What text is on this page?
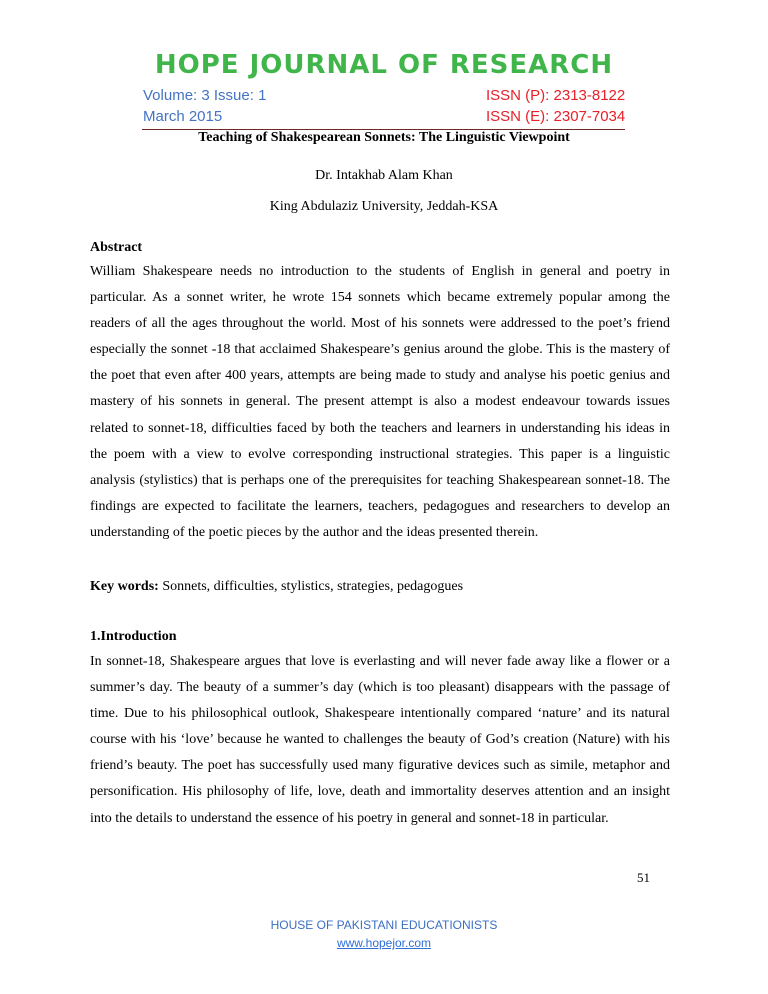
HOPE JOURNAL OF RESEARCH
Volume: 3 Issue: 1	ISSN (P): 2313-8122
March 2015	ISSN (E): 2307-7034
Teaching of Shakespearean Sonnets: The Linguistic Viewpoint
Dr. Intakhab Alam Khan
King Abdulaziz University, Jeddah-KSA
Abstract
William Shakespeare needs no introduction to the students of English in general and poetry in particular. As a sonnet writer, he wrote 154 sonnets which became extremely popular among the readers of all the ages throughout the world. Most of his sonnets were addressed to the poet’s friend especially the sonnet -18 that acclaimed Shakespeare’s genius around the globe. This is the mastery of the poet that even after 400 years, attempts are being made to study and analyse his poetic genius and mastery of his sonnets in general. The present attempt is also a modest endeavour towards issues related to sonnet-18, difficulties faced by both the teachers and learners in understanding his ideas in the poem with a view to evolve corresponding instructional strategies. This paper is a linguistic analysis (stylistics) that is perhaps one of the prerequisites for teaching Shakespearean sonnet-18. The findings are expected to facilitate the learners, teachers, pedagogues and researchers to develop an understanding of the poetic pieces by the author and the ideas presented therein.
Key words: Sonnets, difficulties, stylistics, strategies, pedagogues
1.Introduction
In sonnet-18, Shakespeare argues that love is everlasting and will never fade away like a flower or a summer’s day. The beauty of a summer’s day (which is too pleasant) disappears with the passage of time. Due to his philosophical outlook, Shakespeare intentionally compared ‘nature’ and its natural course with his ‘love’ because he wanted to challenges the beauty of God’s creation (Nature) with his friend’s beauty. The poet has successfully used many figurative devices such as simile, metaphor and personification. His philosophy of life, love, death and immortality deserves attention and an insight into the details to understand the essence of his poetry in general and sonnet-18 in particular.
51
HOUSE OF PAKISTANI EDUCATIONISTS
www.hopejor.com
